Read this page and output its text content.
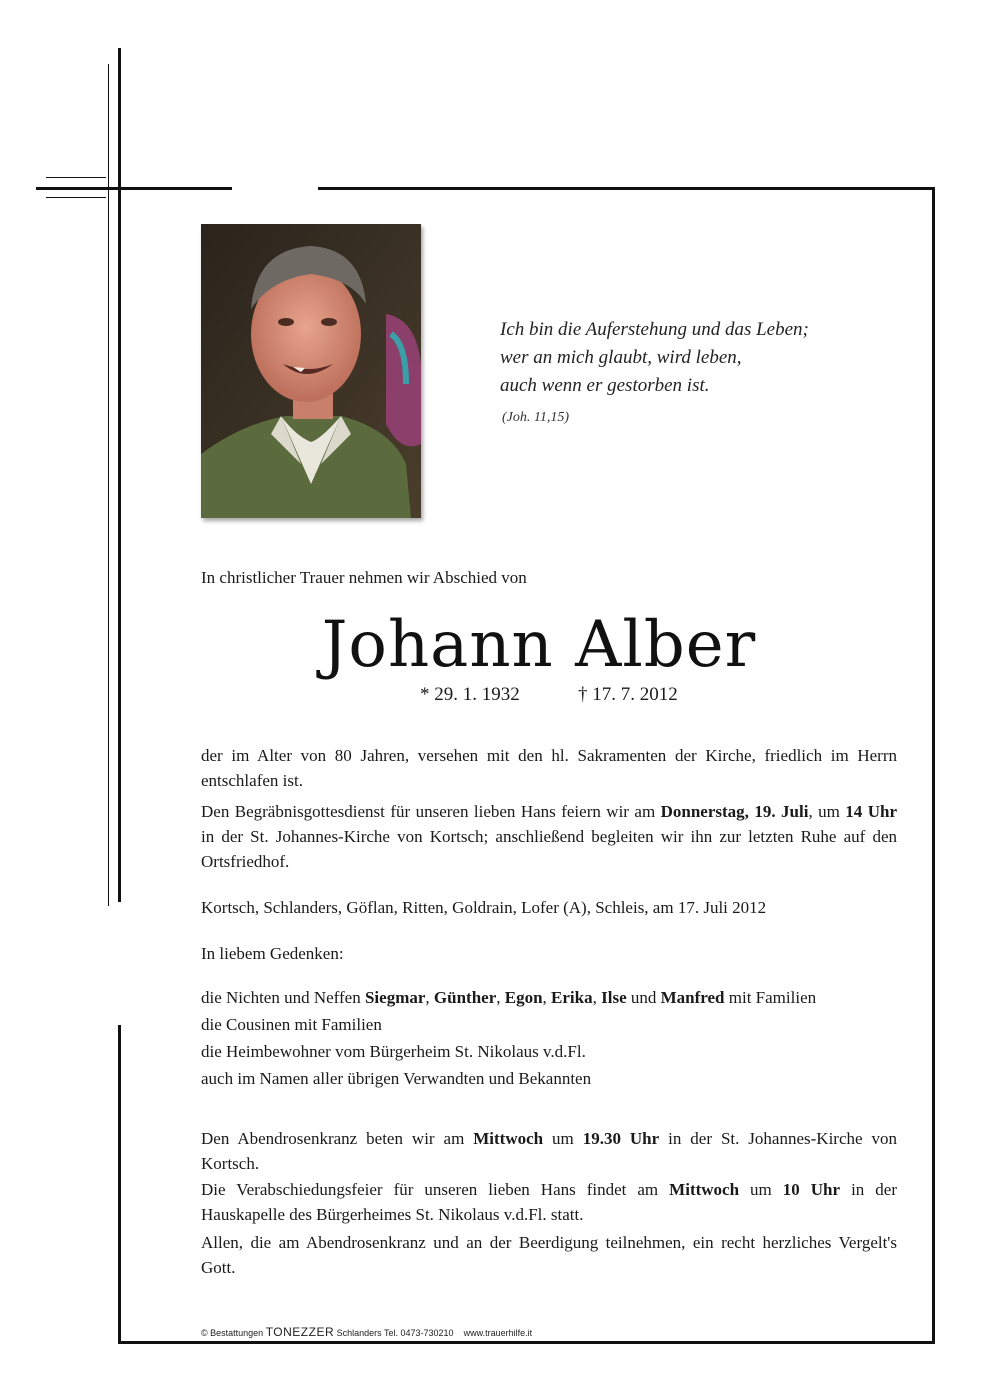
Ich bin die Auferstehung und das Leben;
wer an mich glaubt, wird leben,
auch wenn er gestorben ist.
(Joh. 11,15)
In christlicher Trauer nehmen wir Abschied von
Johann Alber
* 29. 1. 1932	† 17. 7. 2012
der im Alter von 80 Jahren, versehen mit den hl. Sakramenten der Kirche, friedlich im Herrn entschlafen ist.
Den Begräbnisgottesdienst für unseren lieben Hans feiern wir am Donnerstag, 19. Juli, um 14 Uhr in der St. Johannes-Kirche von Kortsch; anschließend begleiten wir ihn zur letzten Ruhe auf den Ortsfriedhof.
Kortsch, Schlanders, Göflan, Ritten, Goldrain, Lofer (A), Schleis, am 17. Juli 2012
In liebem Gedenken:
die Nichten und Neffen Siegmar, Günther, Egon, Erika, Ilse und Manfred mit Familien
die Cousinen mit Familien
die Heimbewohner vom Bürgerheim St. Nikolaus v.d.Fl.
auch im Namen aller übrigen Verwandten und Bekannten
Den Abendrosenkranz beten wir am Mittwoch um 19.30 Uhr in der St. Johannes-Kirche von Kortsch.
Die Verabschiedungsfeier für unseren lieben Hans findet am Mittwoch um 10 Uhr in der Hauskapelle des Bürgerheimes St. Nikolaus v.d.Fl. statt.
Allen, die am Abendrosenkranz und an der Beerdigung teilnehmen, ein recht herzliches Vergelt's Gott.
© Bestattungen TONEZZER Schlanders Tel. 0473-730210    www.trauerhilfe.it
